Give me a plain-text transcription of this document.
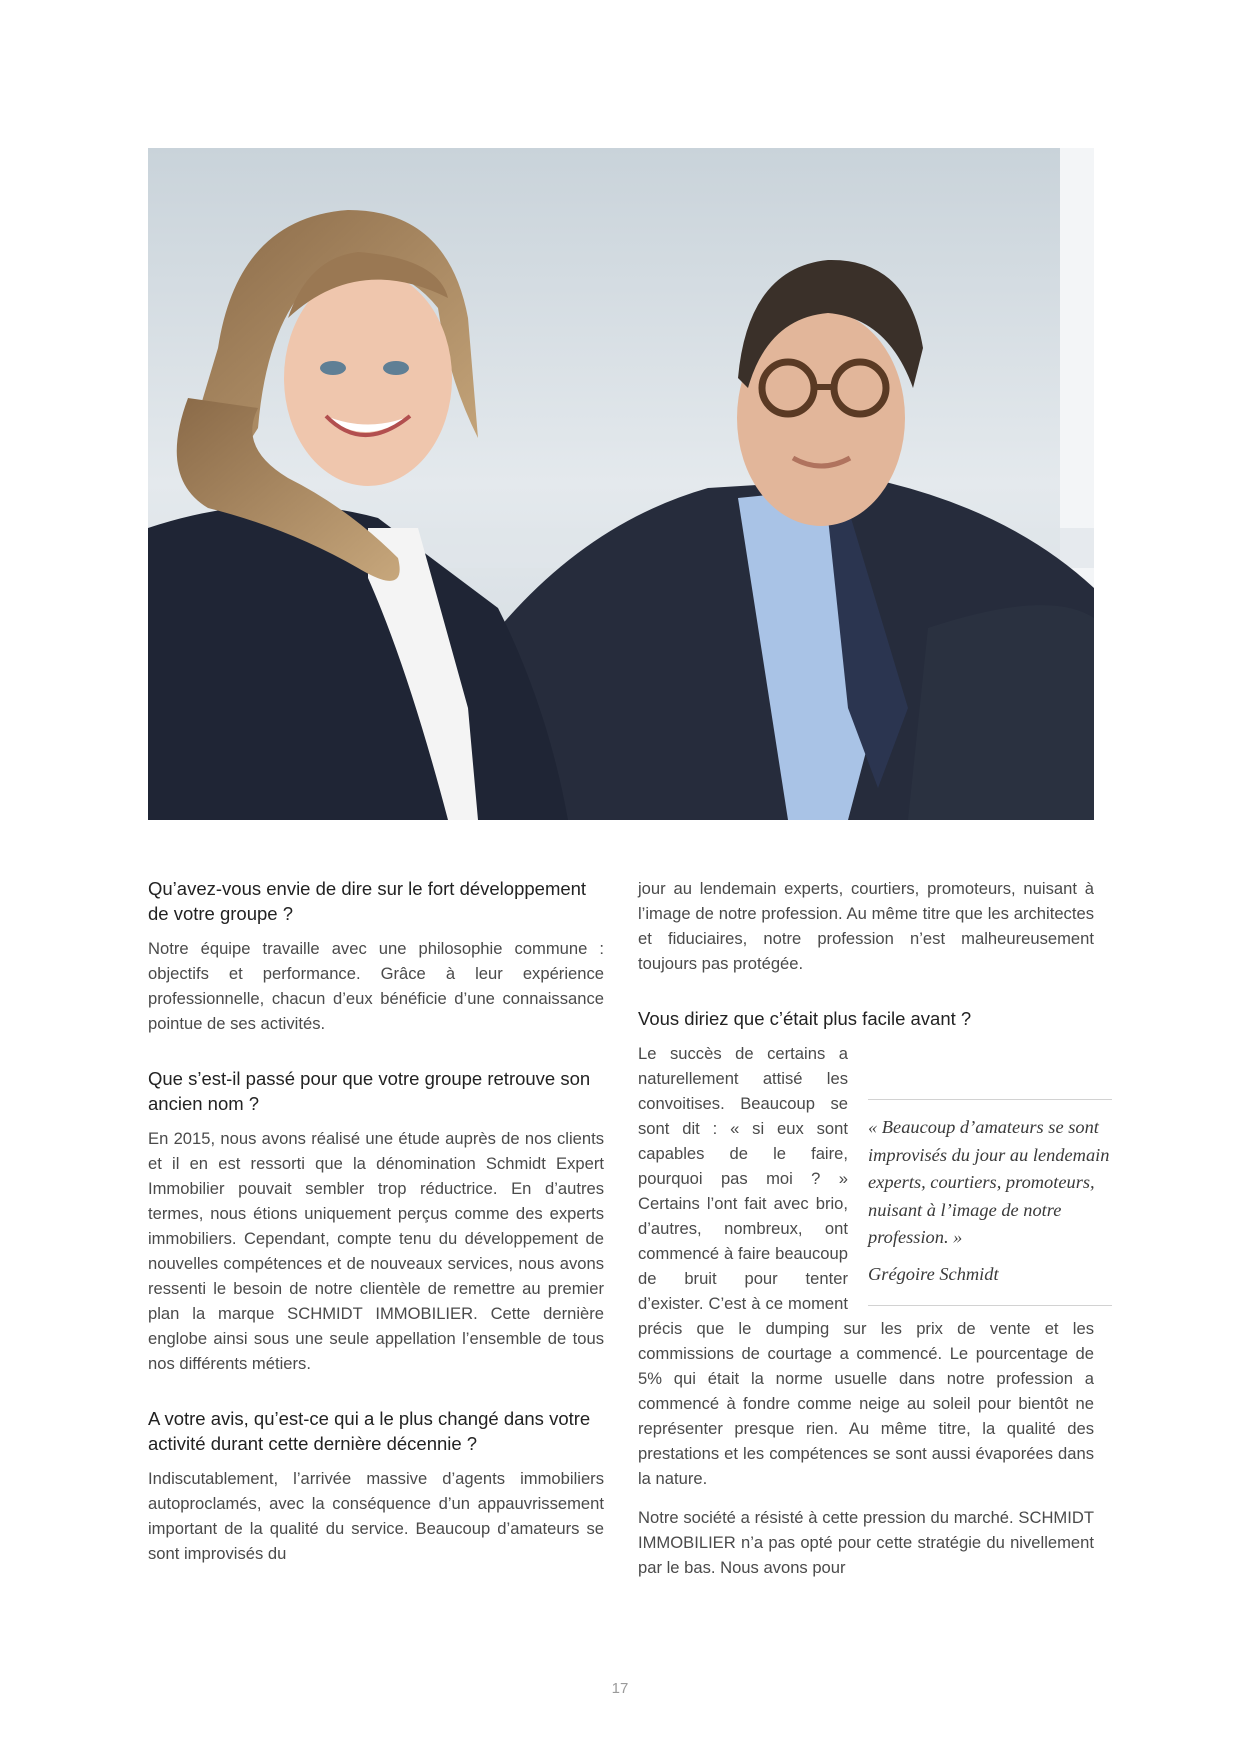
Qu’avez-vous envie de dire sur le fort développement de votre groupe ?

Notre équipe travaille avec une philosophie commune : objectifs et performance. Grâce à leur expérience professionnelle, chacun d’eux bénéficie d’une connaissance pointue de ses activités.

Que s’est-il passé pour que votre groupe retrouve son ancien nom ?

En 2015, nous avons réalisé une étude auprès de nos clients et il en est ressorti que la dénomination Schmidt Expert Immobilier pouvait sembler trop réductrice. En d’autres termes, nous étions uniquement perçus comme des experts immobiliers. Cependant, compte tenu du développement de nouvelles compétences et de nouveaux services, nous avons ressenti le besoin de notre clientèle de remettre au premier plan la marque SCHMIDT IMMOBILIER. Cette dernière englobe ainsi sous une seule appellation l’ensemble de tous nos différents métiers.

A votre avis, qu’est-ce qui a le plus changé dans votre activité durant cette dernière décennie ?

Indiscutablement, l’arrivée massive d’agents immobiliers autoproclamés, avec la conséquence d’un appauvrissement important de la qualité du service. Beaucoup d’amateurs se sont improvisés du

jour au lendemain experts, courtiers, promoteurs, nuisant à l’image de notre profession. Au même titre que les architectes et fiduciaires, notre profession n’est malheureusement toujours pas protégée.

Vous diriez que c’était plus facile avant ?

« Beaucoup d’amateurs se sont improvisés du jour au lendemain experts, courtiers, promoteurs, nuisant à l’image de notre profession. »

Grégoire Schmidt

Le succès de certains a naturellement attisé les convoitises. Beaucoup se sont dit : « si eux sont capables de le faire, pourquoi pas moi ? » Certains l’ont fait avec brio, d’autres, nombreux, ont commencé à faire beaucoup de bruit pour tenter d’exister. C’est à ce moment précis que le dumping sur les prix de vente et les commissions de courtage a commencé. Le pourcentage de 5% qui était la norme usuelle dans notre profession a commencé à fondre comme neige au soleil pour bientôt ne représenter presque rien. Au même titre, la qualité des prestations et les compétences se sont aussi évaporées dans la nature.

Notre société a résisté à cette pression du marché. SCHMIDT IMMOBILIER n’a pas opté pour cette stratégie du nivellement par le bas. Nous avons pour

17
